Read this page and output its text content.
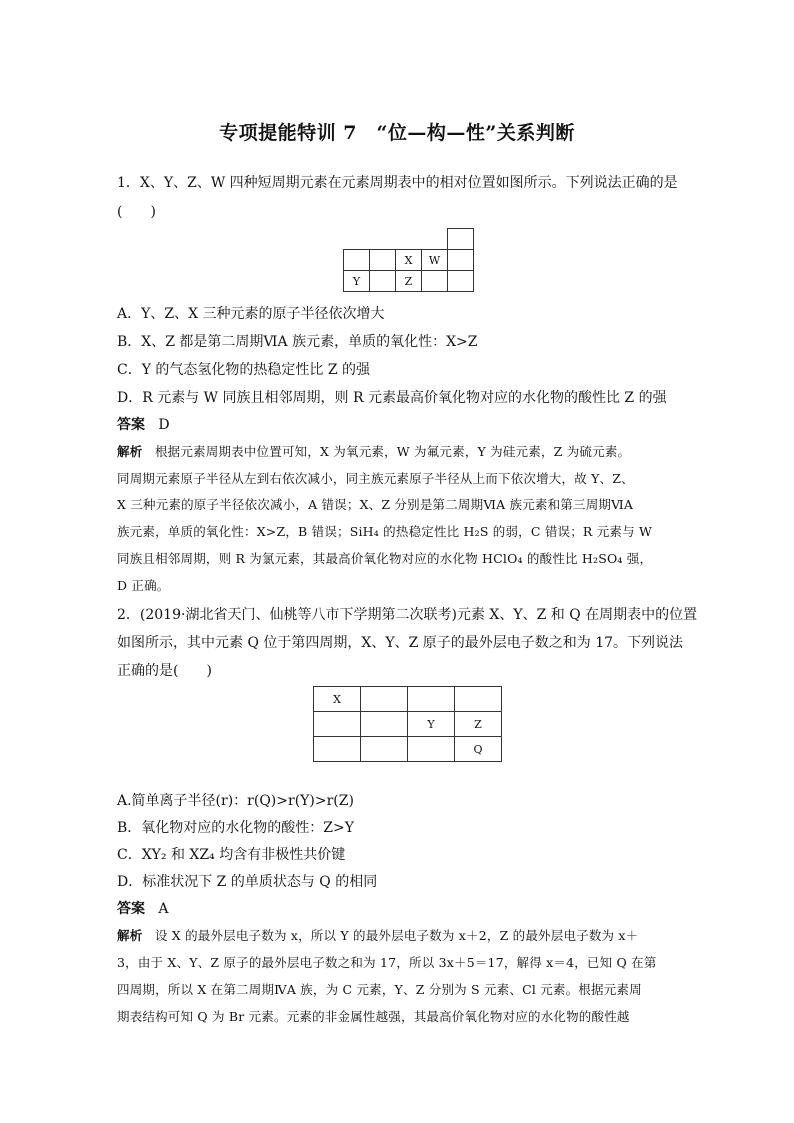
专项提能特训 7　“位—构—性”关系判断
1．X、Y、Z、W 四种短周期元素在元素周期表中的相对位置如图所示。下列说法正确的是
(　　)

		X	W	
Y		Z		
A．Y、Z、X 三种元素的原子半径依次增大
B．X、Z 都是第二周期ⅥA 族元素，单质的氧化性：X>Z
C．Y 的气态氢化物的热稳定性比 Z 的强
D．R 元素与 W 同族且相邻周期，则 R 元素最高价氧化物对应的水化物的酸性比 Z 的强
答案 D
解析 根据元素周期表中位置可知，X 为氧元素，W 为氟元素，Y 为硅元素，Z 为硫元素。
同周期元素原子半径从左到右依次减小，同主族元素原子半径从上而下依次增大，故 Y、Z、
X 三种元素的原子半径依次减小，A 错误；X、Z 分别是第二周期ⅥA 族元素和第三周期ⅥA
族元素，单质的氧化性：X>Z，B 错误；SiH₄ 的热稳定性比 H₂S 的弱，C 错误；R 元素与 W
同族且相邻周期，则 R 为氯元素，其最高价氧化物对应的水化物 HClO₄ 的酸性比 H₂SO₄ 强，
D 正确。
2．(2019·湖北省天门、仙桃等八市下学期第二次联考)元素 X、Y、Z 和 Q 在周期表中的位置
如图所示，其中元素 Q 位于第四周期，X、Y、Z 原子的最外层电子数之和为 17。下列说法
正确的是(　　)
X			
		Y	Z
			Q
A.简单离子半径(r)：r(Q)>r(Y)>r(Z)
B．氧化物对应的水化物的酸性：Z>Y
C．XY₂ 和 XZ₄ 均含有非极性共价键
D．标准状况下 Z 的单质状态与 Q 的相同
答案 A
解析 设 X 的最外层电子数为 x，所以 Y 的最外层电子数为 x＋2，Z 的最外层电子数为 x＋
3，由于 X、Y、Z 原子的最外层电子数之和为 17，所以 3x＋5＝17，解得 x＝4，已知 Q 在第
四周期，所以 X 在第二周期ⅣA 族，为 C 元素，Y、Z 分别为 S 元素、Cl 元素。根据元素周
期表结构可知 Q 为 Br 元素。元素的非金属性越强，其最高价氧化物对应的水化物的酸性越
